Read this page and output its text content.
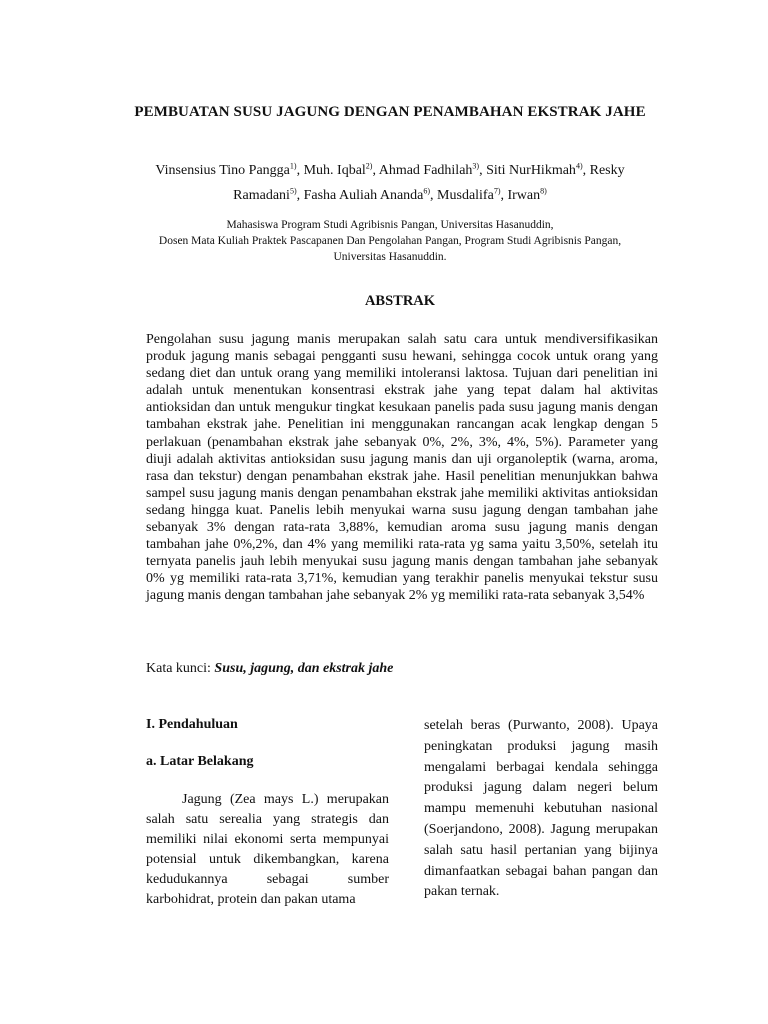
PEMBUATAN SUSU JAGUNG DENGAN PENAMBAHAN EKSTRAK JAHE
Vinsensius Tino Pangga$^{1)}$, Muh. Iqbal$^{2)}$, Ahmad Fadhilah$^{3)}$, Siti NurHikmah$^{4)}$, Resky Ramadani$^{5)}$, Fasha Auliah Ananda$^{6)}$, Musdalifa$^{7)}$, Irwan$^{8)}$
Mahasiswa Program Studi Agribisnis Pangan, Universitas Hasanuddin,
Dosen Mata Kuliah Praktek Pascapanen Dan Pengolahan Pangan, Program Studi Agribisnis Pangan, Universitas Hasanuddin.
ABSTRAK

Pengolahan susu jagung manis merupakan salah satu cara untuk mendiversifikasikan produk jagung manis sebagai pengganti susu hewani, sehingga cocok untuk orang yang sedang diet dan untuk orang yang memiliki intoleransi laktosa. Tujuan dari penelitian ini adalah untuk menentukan konsentrasi ekstrak jahe yang tepat dalam hal aktivitas antioksidan dan untuk mengukur tingkat kesukaan panelis pada susu jagung manis dengan tambahan ekstrak jahe. Penelitian ini menggunakan rancangan acak lengkap dengan 5 perlakuan (penambahan ekstrak jahe sebanyak 0%, 2%, 3%, 4%, 5%). Parameter yang diuji adalah aktivitas antioksidan susu jagung manis dan uji organoleptik (warna, aroma, rasa dan tekstur) dengan penambahan ekstrak jahe. Hasil penelitian menunjukkan bahwa sampel susu jagung manis dengan penambahan ekstrak jahe memiliki aktivitas antioksidan sedang hingga kuat. Panelis lebih menyukai warna susu jagung dengan tambahan jahe sebanyak 3% dengan rata-rata 3,88%, kemudian aroma susu jagung manis dengan tambahan jahe 0%,2%, dan 4% yang memiliki rata-rata yg sama yaitu 3,50%, setelah itu ternyata panelis jauh lebih menyukai susu jagung manis dengan tambahan jahe sebanyak 0% yg memiliki rata-rata 3,71%, kemudian yang terakhir panelis menyukai tekstur susu jagung manis dengan tambahan jahe sebanyak 2% yg memiliki rata-rata sebanyak 3,54%

Kata kunci: Susu, jagung, dan ekstrak jahe

I. Pendahuluan

a. Latar Belakang

Jagung (Zea mays L.) merupakan salah satu serealia yang strategis dan memiliki nilai ekonomi serta mempunyai potensial untuk dikembangkan, karena kedudukannya sebagai sumber karbohidrat, protein dan pakan utama

setelah beras (Purwanto, 2008). Upaya peningkatan produksi jagung masih mengalami berbagai kendala sehingga produksi jagung dalam negeri belum mampu memenuhi kebutuhan nasional (Soerjandono, 2008). Jagung merupakan salah satu hasil pertanian yang bijinya dimanfaatkan sebagai bahan pangan dan pakan ternak.
